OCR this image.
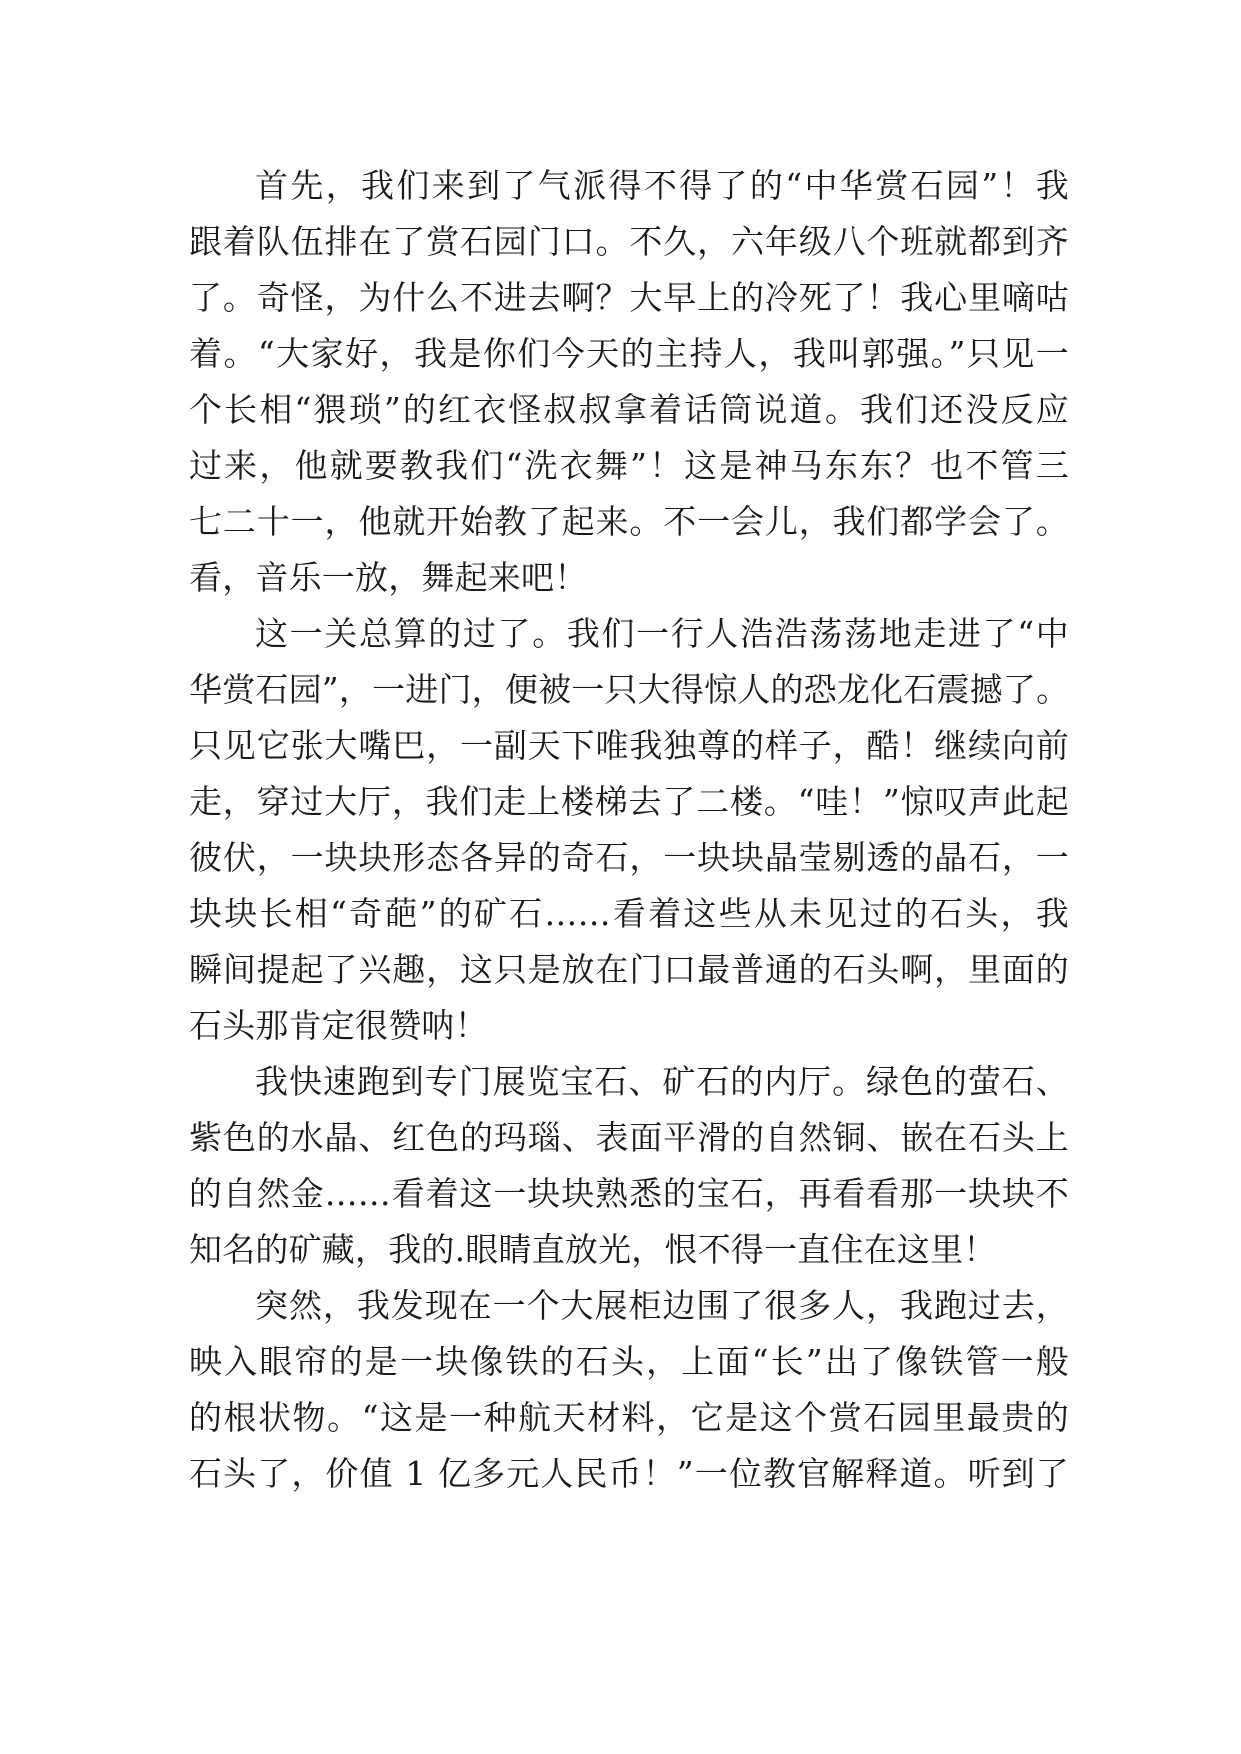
首先，我们来到了气派得不得了的“中华赏石园”！我

跟着队伍排在了赏石园门口。不久，六年级八个班就都到齐

了。奇怪，为什么不进去啊？大早上的冷死了！我心里嘀咕

着。“大家好，我是你们今天的主持人，我叫郭强。”只见一

个长相“猥琐”的红衣怪叔叔拿着话筒说道。我们还没反应

过来，他就要教我们“洗衣舞”！这是神马东东？也不管三

七二十一，他就开始教了起来。不一会儿，我们都学会了。

看，音乐一放，舞起来吧！

这一关总算的过了。我们一行人浩浩荡荡地走进了“中

华赏石园”，一进门，便被一只大得惊人的恐龙化石震撼了。

只见它张大嘴巴，一副天下唯我独尊的样子，酷！继续向前

走，穿过大厅，我们走上楼梯去了二楼。“哇！”惊叹声此起

彼伏，一块块形态各异的奇石，一块块晶莹剔透的晶石，一

块块长相“奇葩”的矿石……看着这些从未见过的石头，我

瞬间提起了兴趣，这只是放在门口最普通的石头啊，里面的

石头那肯定很赞呐！

我快速跑到专门展览宝石、矿石的内厅。绿色的萤石、

紫色的水晶、红色的玛瑙、表面平滑的自然铜、嵌在石头上

的自然金……看着这一块块熟悉的宝石，再看看那一块块不

知名的矿藏，我的.眼睛直放光，恨不得一直住在这里！

突然，我发现在一个大展柜边围了很多人，我跑过去，

映入眼帘的是一块像铁的石头，上面“长”出了像铁管一般

的根状物。“这是一种航天材料，它是这个赏石园里最贵的

石头了，价值 1 亿多元人民币！”一位教官解释道。听到了
